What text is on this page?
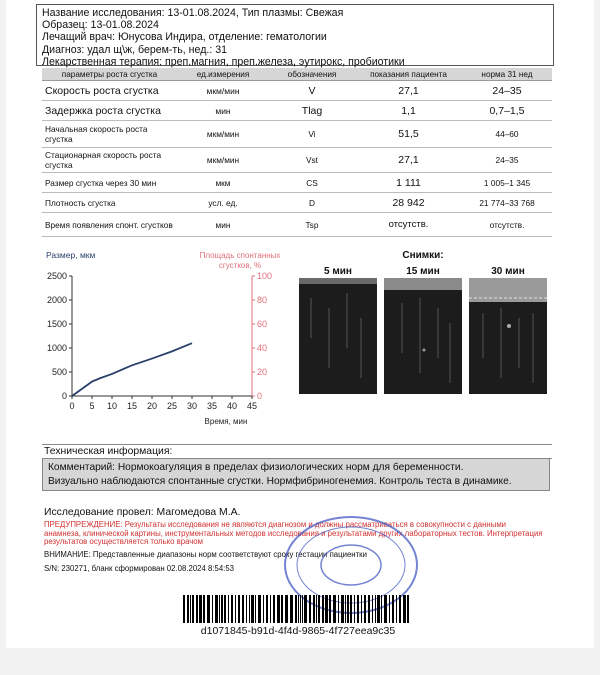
Название исследования: 13-01.08.2024, Тип плазмы: Свежая
Образец: 13-01.08.2024
Лечащий врач: Юнусова Индира, отделение: гематологии
Диагноз: удал щ\ж, берем-ть, нед.: 31
Лекарственная терапия: преп.магния, преп.железа, эутирокс, пробиотики
параметры роста сгустка	ед.измерения	обозначения	показания пациента	норма 31 нед
Скорость роста сгустка	мкм/мин	V	27,1	24–35
Задержка роста сгустка	мин	Tlag	1,1	0,7–1,5
Начальная скорость роста сгустка	мкм/мин	Vi	51,5	44–60
Стационарная скорость роста сгустка	мкм/мин	Vst	27,1	24–35
Размер сгустка через 30 мин	мкм	CS	1 111	1 005–1 345
Плотность сгустка	усл. ед.	D	28 942	21 774–33 768
Время появления спонт. сгустков	мин	Tsp	отсутств.	отсутств.
Размер, мкм	Площадь спонтанных сгустков, %
Время, мин
0
500
1000
1500
2000
2500
0
20
40
60
80
100
0 5 10 15 20 25 30 35 40 45
Снимки:
5 мин	15 мин	30 мин
Техническая информация:
Комментарий: Нормокоагуляция в пределах физиологических норм для беременности.
Визуально наблюдаются спонтанные сгустки. Нормфибриногенемия. Контроль теста в динамике.
Исследование провел: Магомедова М.А.
ПРЕДУПРЕЖДЕНИЕ: Результаты исследования не являются диагнозом и должны рассматриваться в совокупности с данными анамнеза, клинической картины, инструментальных методов исследования и результатами других лабораторных тестов. Интерпретация результатов осуществляется только врачом
ВНИМАНИЕ: Представленные диапазоны норм соответствуют сроку гестации пациентки
S/N: 230271, бланк сформирован 02.08.2024 8:54:53
d1071845-b91d-4f4d-9865-4f727eea9c35
